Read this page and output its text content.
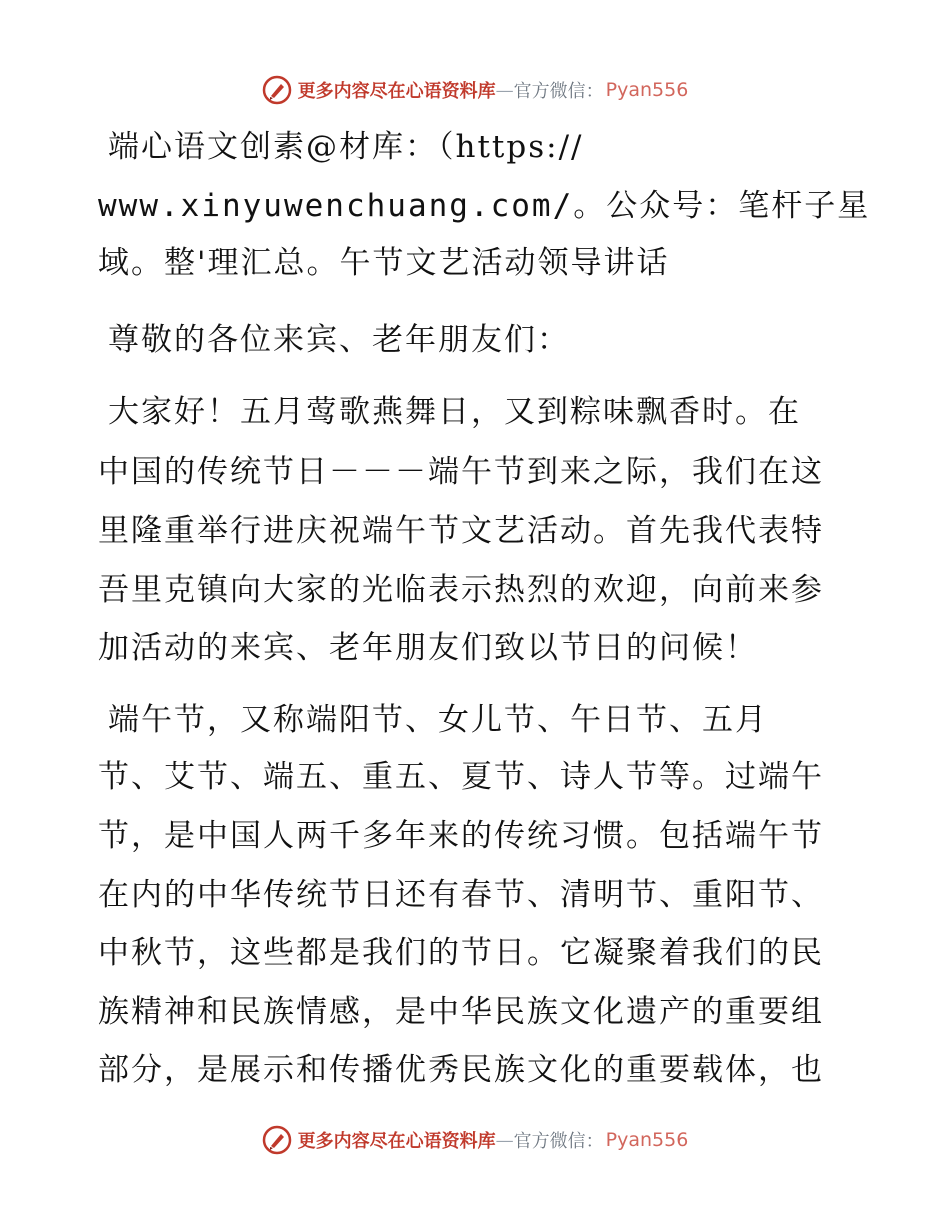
更多内容尽在心语资料库 — 官方微信： Pyan556
端心语文创素@材库：（https://
www.xinyuwenchuang.com/。公众号：笔杆子星
域。整'理汇总。午节文艺活动领导讲话
尊敬的各位来宾、老年朋友们：
大家好！五月莺歌燕舞日，又到粽味飘香时。在
中国的传统节日－－－端午节到来之际，我们在这
里隆重举行进庆祝端午节文艺活动。首先我代表特
吾里克镇向大家的光临表示热烈的欢迎，向前来参
加活动的来宾、老年朋友们致以节日的问候！
端午节，又称端阳节、女儿节、午日节、五月
节、艾节、端五、重五、夏节、诗人节等。过端午
节，是中国人两千多年来的传统习惯。包括端午节
在内的中华传统节日还有春节、清明节、重阳节、
中秋节，这些都是我们的节日。它凝聚着我们的民
族精神和民族情感，是中华民族文化遗产的重要组
部分，是展示和传播优秀民族文化的重要载体，也
更多内容尽在心语资料库 — 官方微信： Pyan556
